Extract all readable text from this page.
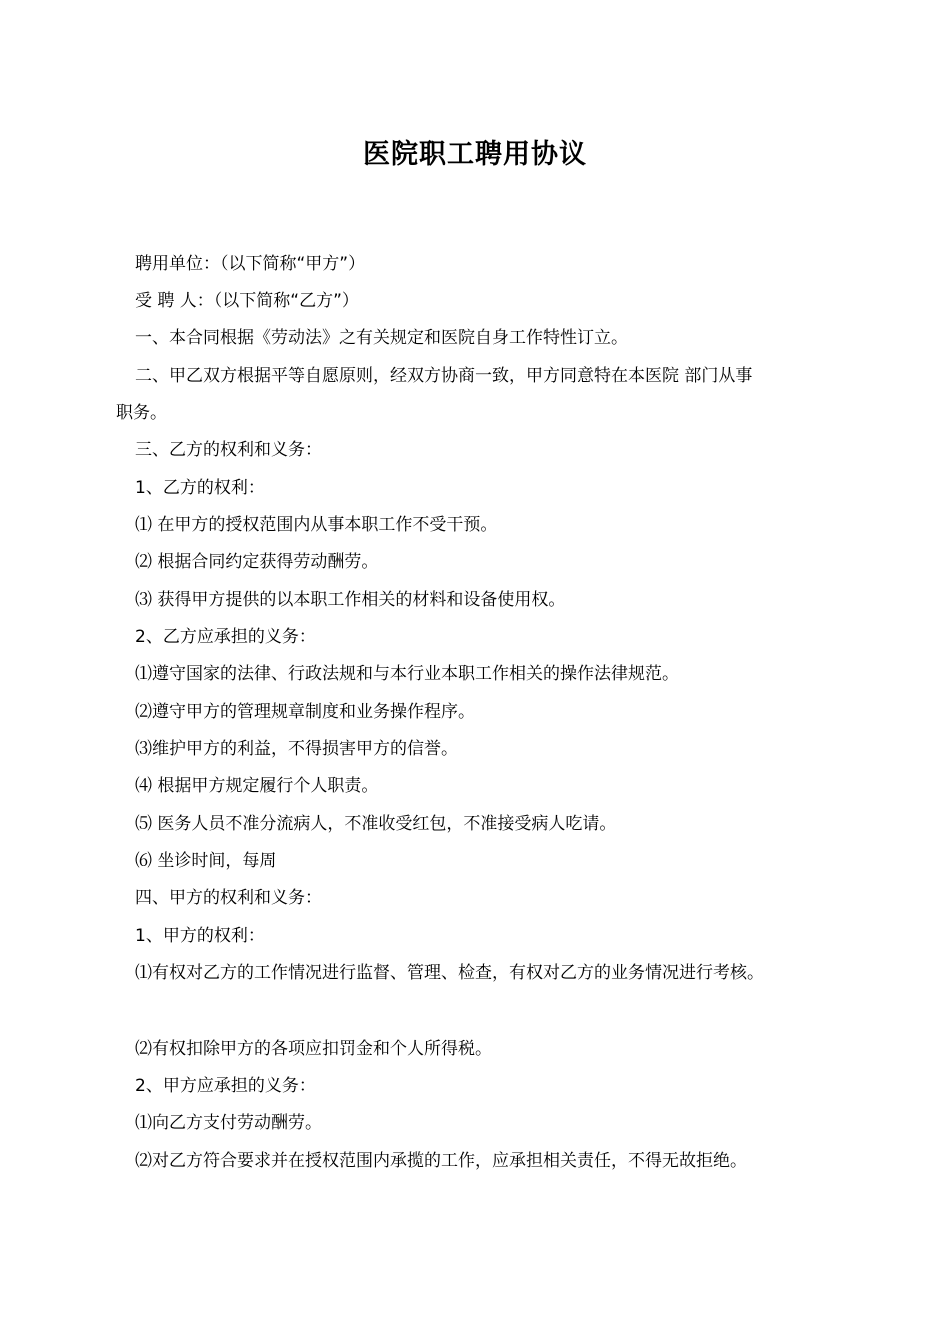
医院职工聘用协议
聘用单位：（以下简称“甲方”）
受 聘 人：（以下简称“乙方”）
一、本合同根据《劳动法》之有关规定和医院自身工作特性订立。
二、甲乙双方根据平等自愿原则，经双方协商一致，甲方同意特在本医院 部门从事
职务。
三、乙方的权利和义务：
1、乙方的权利：
⑴ 在甲方的授权范围内从事本职工作不受干预。
⑵ 根据合同约定获得劳动酬劳。
⑶ 获得甲方提供的以本职工作相关的材料和设备使用权。
2、乙方应承担的义务：
⑴遵守国家的法律、行政法规和与本行业本职工作相关的操作法律规范。
⑵遵守甲方的管理规章制度和业务操作程序。
⑶维护甲方的利益，不得损害甲方的信誉。
⑷ 根据甲方规定履行个人职责。
⑸ 医务人员不准分流病人，不准收受红包，不准接受病人吃请。
⑹ 坐诊时间，每周
四、甲方的权利和义务：
1、甲方的权利：
⑴有权对乙方的工作情况进行监督、管理、检查，有权对乙方的业务情况进行考核。
⑵有权扣除甲方的各项应扣罚金和个人所得税。
2、甲方应承担的义务：
⑴向乙方支付劳动酬劳。
⑵对乙方符合要求并在授权范围内承揽的工作，应承担相关责任，不得无故拒绝。
